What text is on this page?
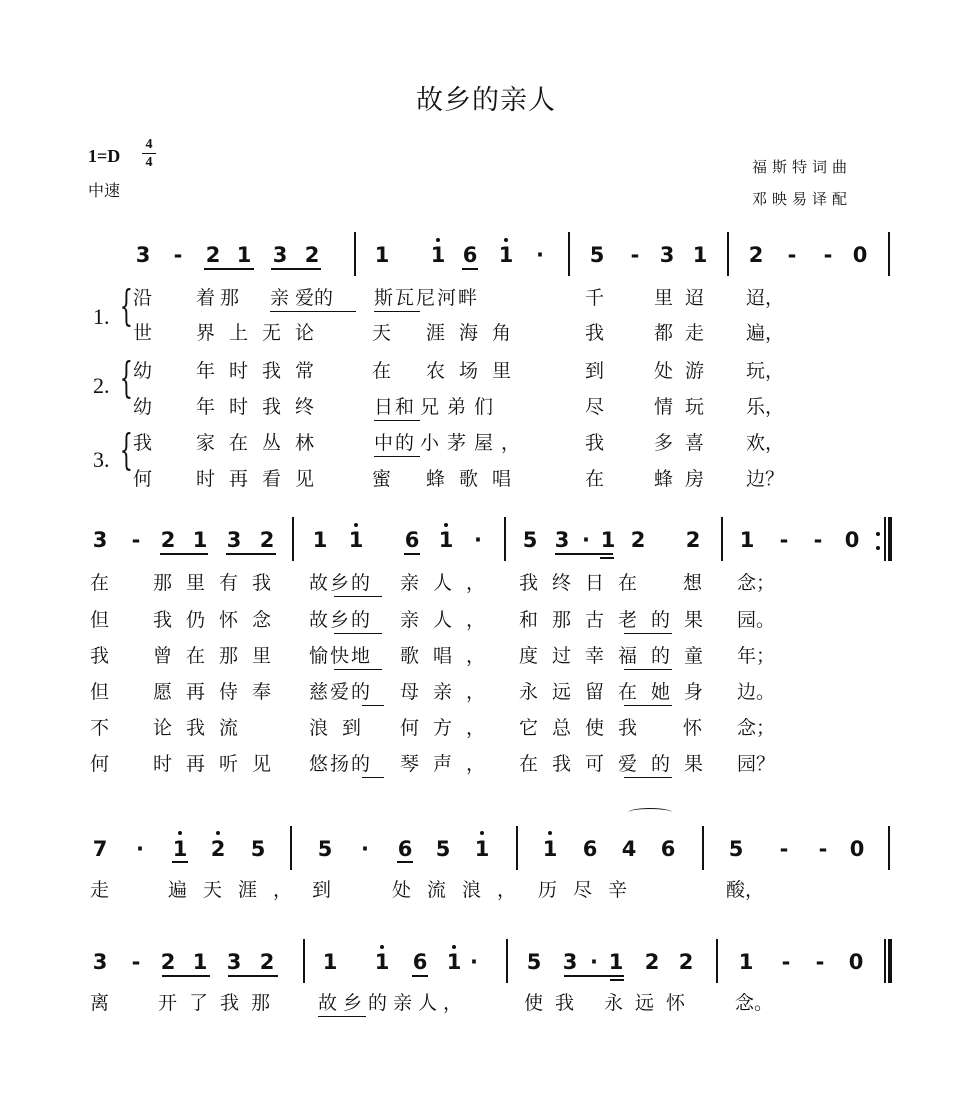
故乡的亲人
1=D
4
4
中速
福斯特词曲
邓映易译配
3 - 2 1 3 2	1 1 6 1 · 5 - 3 1 2 - - 0
1. {
2. {
3. {
沿 着那 亲 爱的 斯瓦尼河畔	千	里迢 迢，
世 界上无论 天 涯海角	我	都走 遍，
幼 年时我常 在 农场里	到	处游 玩，
幼 年时我终 日和 兄弟们	尽	情玩 乐，
我 家在丛林 中的 小茅屋，	我	多喜 欢，
何 时再看见 蜜 蜂歌唱	在	蜂房 边？
3 - 2 1 3 2 1 1 6 1 · 5 3 · 1 2 2 1 - - 0
在 那里有我 故乡的 亲人， 我终日在 想 念；
但 我仍怀念 故乡的 亲人， 和那古老的果 园。
我 曾在那里 愉快地 歌唱， 度过幸福的童 年；
但 愿再侍奉 慈爱的 母亲， 永远留在她身 边。
不 论我流	浪到 何方， 它总使我 怀 念；
何 时再听见 悠扬的 琴声， 在我可爱的果 园？
7 · 1 2 5 5 · 6 5 1	1 6 4 6	5 - - 0
走	遍天涯， 到	处流浪， 历尽辛	酸，
3 - 2 1 3 2 1 1 6 1 · 5 3 · 1 2 2 1 - - 0
离	开了我那 故乡的亲人，	使我 永远怀 念。
